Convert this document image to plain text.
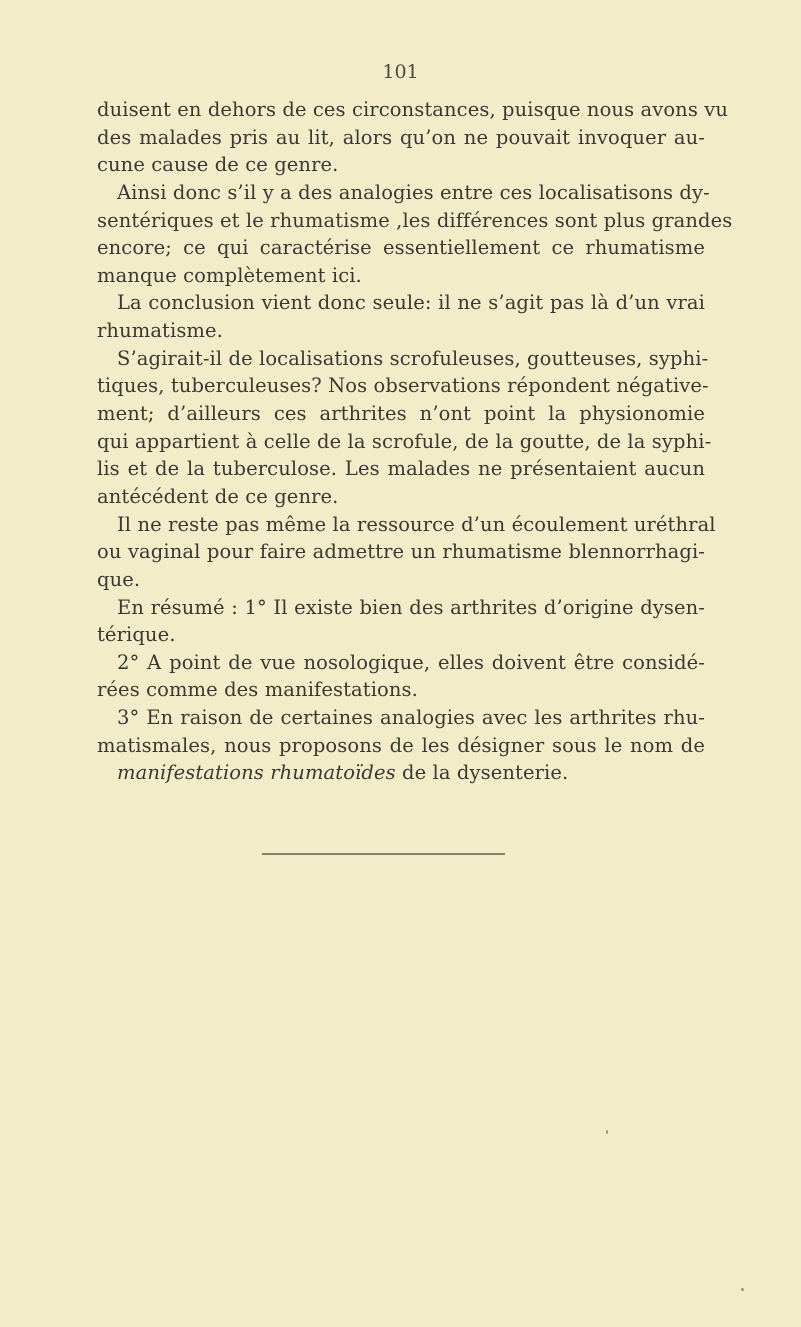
101
duisent en dehors de ces circonstances, puisque nous avons vu
des malades pris au lit, alors qu’on ne pouvait invoquer au-
cune cause de ce genre.
Ainsi donc s’il y a des analogies entre ces localisatisons dy-
sentériques et le rhumatisme ,les différences sont plus grandes
encore; ce qui caractérise essentiellement ce rhumatisme
manque complètement ici.
La conclusion vient donc seule: il ne s’agit pas là d’un vrai
rhumatisme.
S’agirait-il de localisations scrofuleuses, goutteuses, syphi-
tiques, tuberculeuses? Nos observations répondent négative-
ment; d’ailleurs ces arthrites n’ont point la physionomie
qui appartient à celle de la scrofule, de la goutte, de la syphi-
lis et de la tuberculose. Les malades ne présentaient aucun
antécédent de ce genre.
Il ne reste pas même la ressource d’un écoulement uréthral
ou vaginal pour faire admettre un rhumatisme blennorrhagi-
que.
En résumé : 1° Il existe bien des arthrites d’origine dysen-
térique.
2° A point de vue nosologique, elles doivent être considé-
rées comme des manifestations.
3° En raison de certaines analogies avec les arthrites rhu-
matismales, nous proposons de les désigner sous le nom de
manifestations rhumatoïdes de la dysenterie.
